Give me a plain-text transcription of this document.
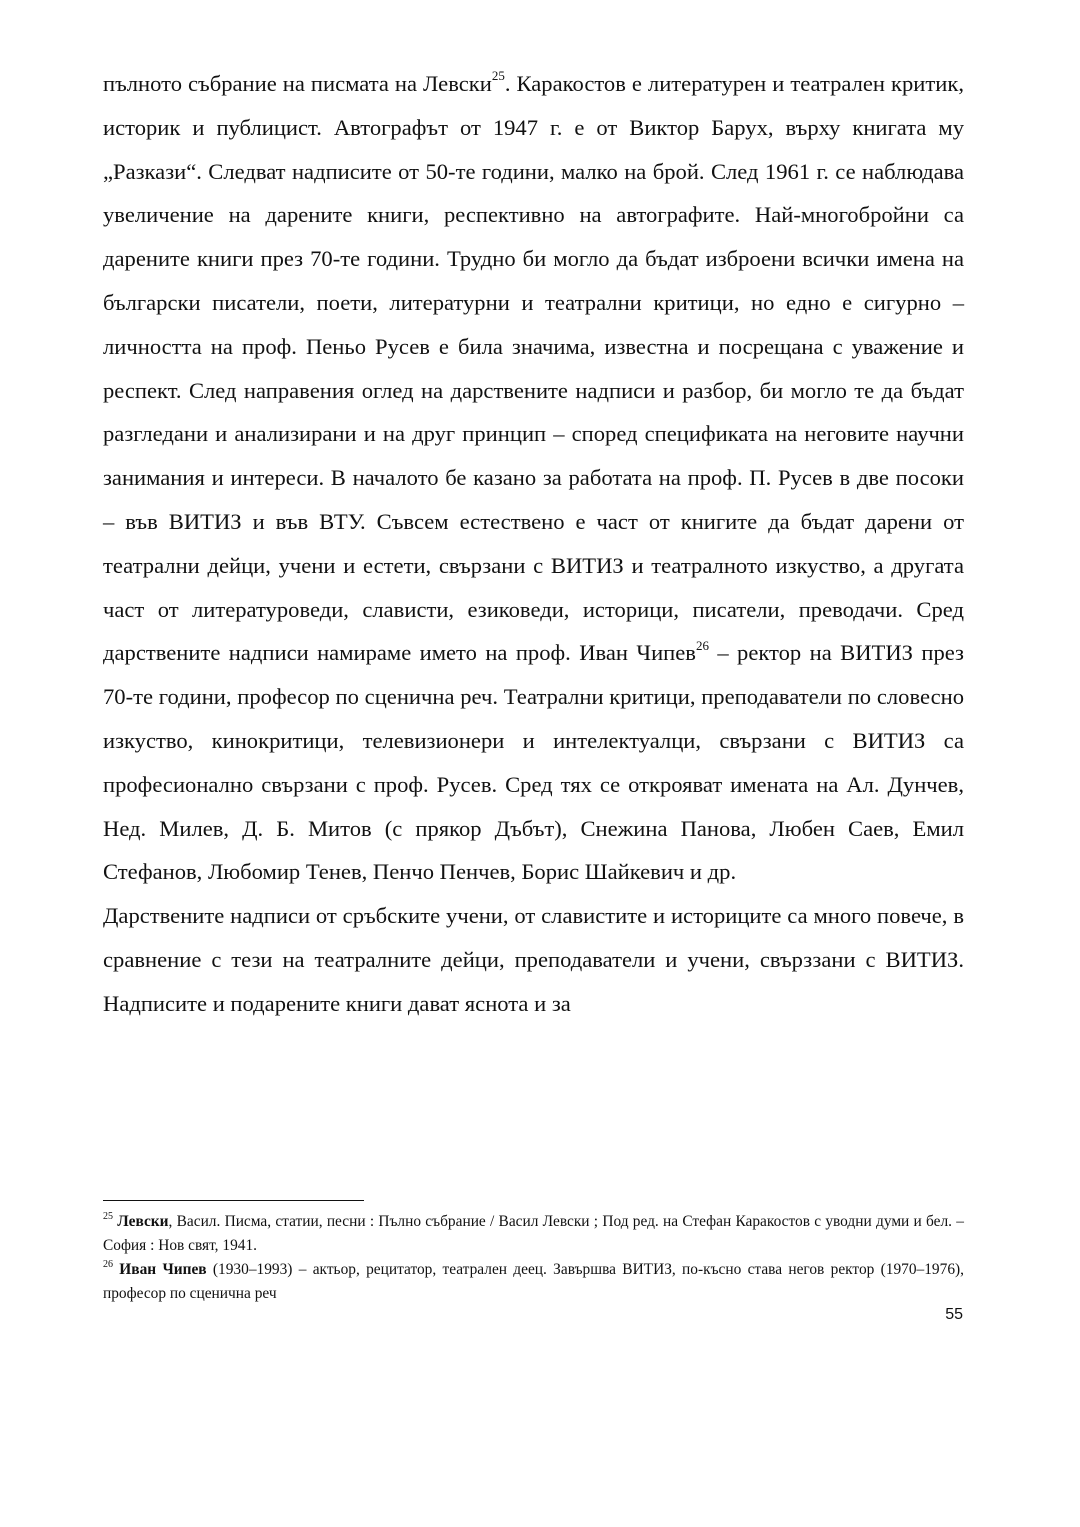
пълното събрание на писмата на Левски$^{25}$. Каракостов е литературен и театрален критик, историк и публицист. Автографът от 1947 г. е от Виктор Барух, върху книгата му „Разкази“. Следват надписите от 50-те години, малко на брой. След 1961 г. се наблюдава увеличение на дарените книги, респективно на автографите. Най-многобройни са дарените книги през 70-те години. Трудно би могло да бъдат изброени всички имена на български писатели, поети, литературни и театрални критици, но едно е сигурно – личността на проф. Пеньо Русев е била значима, известна и посрещана с уважение и респект. След направения оглед на дарствените надписи и разбор, би могло те да бъдат разгледани и анализирани и на друг принцип – според спецификата на неговите научни занимания и интереси. В началото бе казано за работата на проф. П. Русев в две посоки – във ВИТИЗ и във ВТУ. Съвсем естествено е част от книгите да бъдат дарени от театрални дейци, учени и естети, свързани с ВИТИЗ и театралното изкуство, а другата част от литературоведи, слависти, езиковеди, историци, писатели, преводачи. Сред дарствените надписи намираме името на проф. Иван Чипев$^{26}$ – ректор на ВИТИЗ през 70-те години, професор по сценична реч. Театрални критици, преподаватели по словесно изкуство, кинокритици, телевизионери и интелектуалци, свързани с ВИТИЗ са професионално свързани с проф. Русев. Сред тях се открояват имената на Ал. Дунчев, Нед. Милев, Д. Б. Митов (с прякор Дъбът), Снежина Панова, Любен Саев, Емил Стефанов, Любомир Тенев, Пенчо Пенчев, Борис Шайкевич и др.

Дарствените надписи от сръбските учени, от славистите и историците са много повече, в сравнение с тези на театралните дейци, преподаватели и учени, свърззани с ВИТИЗ. Надписите и подарените книги дават яснота и за

$^{25}$ Левски, Васил. Писма, статии, песни : Пълно събрание / Васил Левски ; Под ред. на Стефан Каракостов с уводни думи и бел. – София : Нов свят, 1941.

$^{26}$ Иван Чипев (1930–1993) – актьор, рецитатор, театрален деец. Завършва ВИТИЗ, по-късно става негов ректор (1970–1976), професор по сценична реч

55
